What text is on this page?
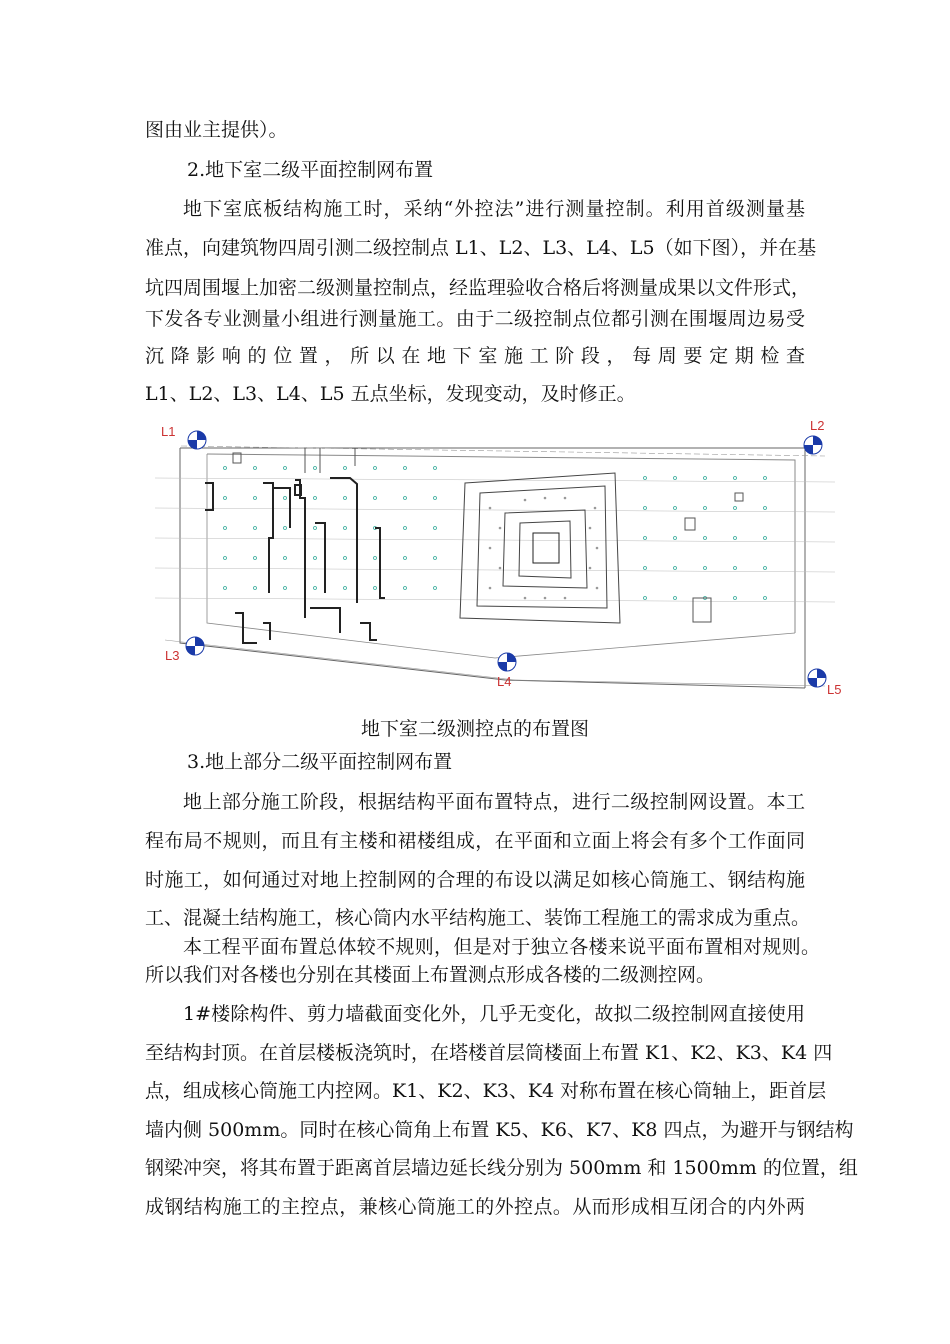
图由业主提供）。
2.地下室二级平面控制网布置
地下室底板结构施工时，采纳“外控法”进行测量控制。利用首级测量基
准点，向建筑物四周引测二级控制点 L1、L2、L3、L4、L5（如下图），并在基
坑四周围堰上加密二级测量控制点，经监理验收合格后将测量成果以文件形式，
下发各专业测量小组进行测量施工。由于二级控制点位都引测在围堰周边易受
沉 降 影 响 的 位 置 ， 所 以 在 地 下 室 施 工 阶 段 ， 每 周 要 定 期 检 查
L1、L2、L3、L4、L5 五点坐标，发现变动，及时修正。
L1	L2
L3
L4
L5
地下室二级测控点的布置图
3.地上部分二级平面控制网布置
地上部分施工阶段，根据结构平面布置特点，进行二级控制网设置。本工
程布局不规则，而且有主楼和裙楼组成，在平面和立面上将会有多个工作面同
时施工，如何通过对地上控制网的合理的布设以满足如核心筒施工、钢结构施
工、混凝土结构施工，核心筒内水平结构施工、装饰工程施工的需求成为重点。
本工程平面布置总体较不规则，但是对于独立各楼来说平面布置相对规则。
所以我们对各楼也分别在其楼面上布置测点形成各楼的二级测控网。
1#楼除构件、剪力墙截面变化外，几乎无变化，故拟二级控制网直接使用
至结构封顶。在首层楼板浇筑时，在塔楼首层筒楼面上布置 K1、K2、K3、K4 四
点，组成核心筒施工内控网。K1、K2、K3、K4 对称布置在核心筒轴上，距首层
墙内侧 500mm。同时在核心筒角上布置 K5、K6、K7、K8 四点，为避开与钢结构
钢梁冲突，将其布置于距离首层墙边延长线分别为 500mm 和 1500mm 的位置，组
成钢结构施工的主控点，兼核心筒施工的外控点。从而形成相互闭合的内外两
